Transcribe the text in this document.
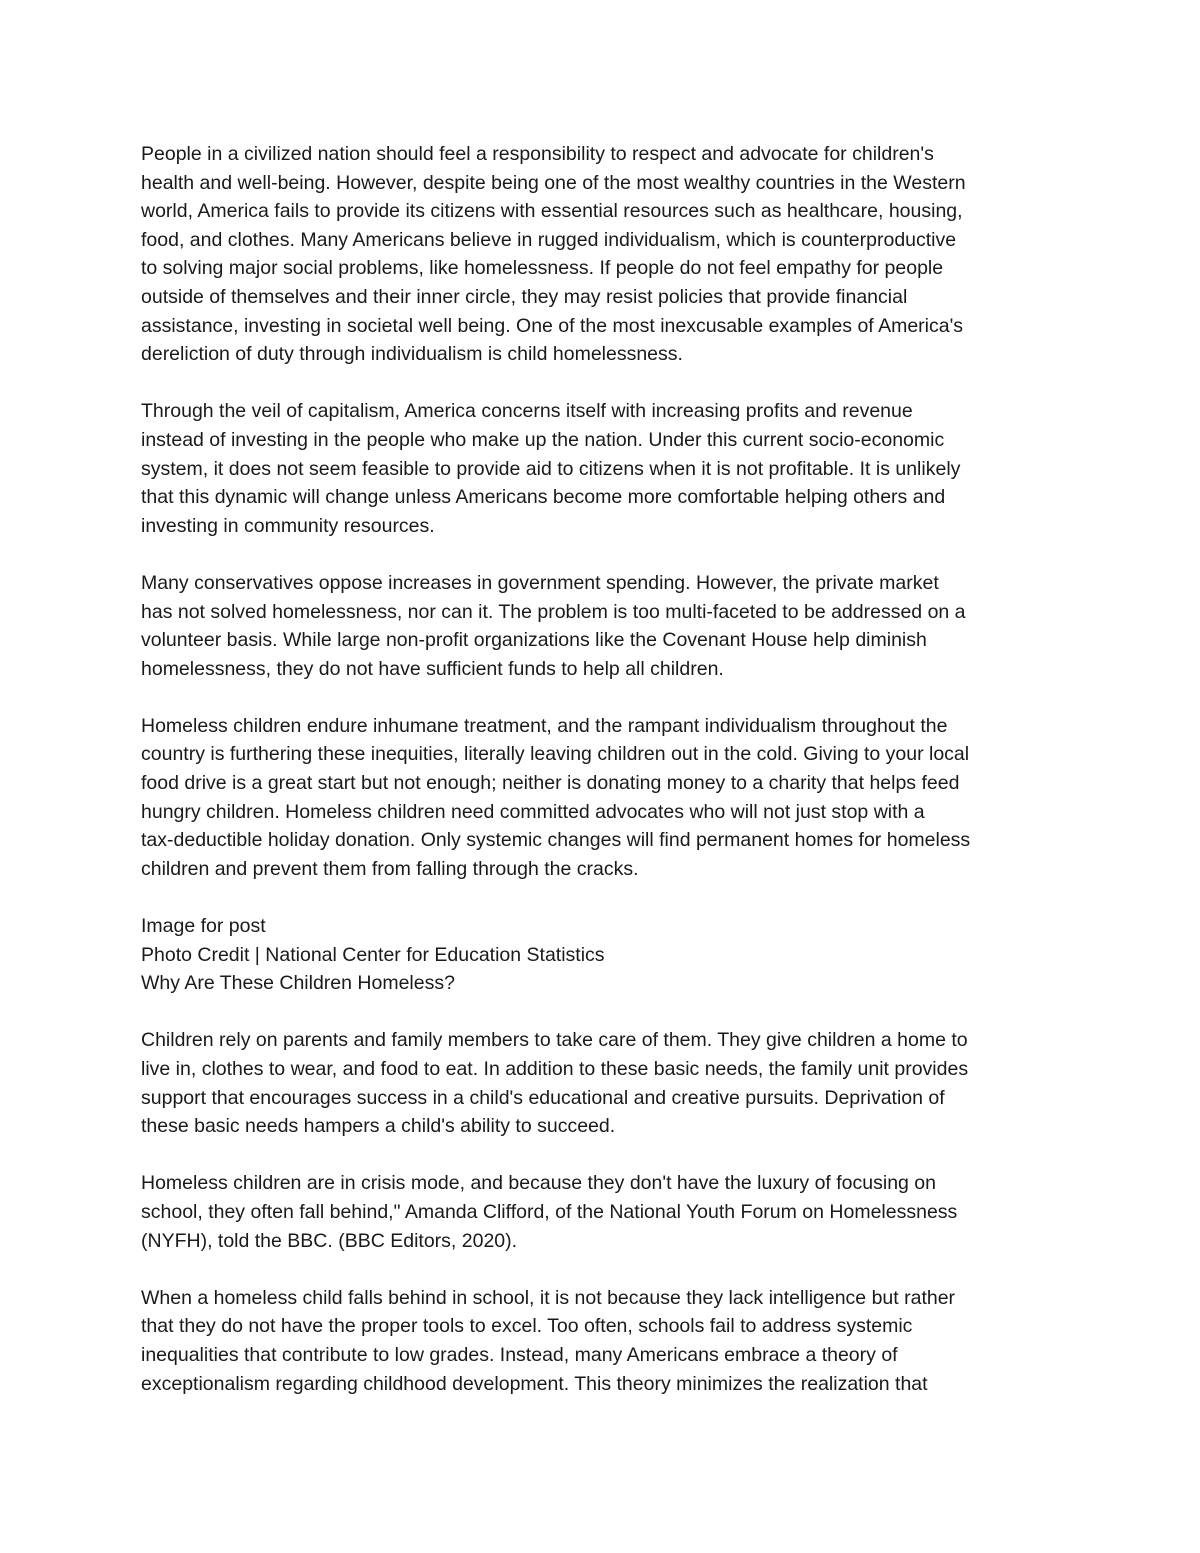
People in a civilized nation should feel a responsibility to respect and advocate for children's
health and well-being. However, despite being one of the most wealthy countries in the Western
world, America fails to provide its citizens with essential resources such as healthcare, housing,
food, and clothes. Many Americans believe in rugged individualism, which is counterproductive
to solving major social problems, like homelessness. If people do not feel empathy for people
outside of themselves and their inner circle, they may resist policies that provide financial
assistance, investing in societal well being. One of the most inexcusable examples of America's
dereliction of duty through individualism is child homelessness.

Through the veil of capitalism, America concerns itself with increasing profits and revenue
instead of investing in the people who make up the nation. Under this current socio-economic
system, it does not seem feasible to provide aid to citizens when it is not profitable. It is unlikely
that this dynamic will change unless Americans become more comfortable helping others and
investing in community resources.

Many conservatives oppose increases in government spending. However, the private market
has not solved homelessness, nor can it. The problem is too multi-faceted to be addressed on a
volunteer basis. While large non-profit organizations like the Covenant House help diminish
homelessness, they do not have sufficient funds to help all children.

Homeless children endure inhumane treatment, and the rampant individualism throughout the
country is furthering these inequities, literally leaving children out in the cold. Giving to your local
food drive is a great start but not enough; neither is donating money to a charity that helps feed
hungry children. Homeless children need committed advocates who will not just stop with a
tax-deductible holiday donation. Only systemic changes will find permanent homes for homeless
children and prevent them from falling through the cracks.

Image for post
Photo Credit | National Center for Education Statistics
Why Are These Children Homeless?

Children rely on parents and family members to take care of them. They give children a home to
live in, clothes to wear, and food to eat. In addition to these basic needs, the family unit provides
support that encourages success in a child's educational and creative pursuits. Deprivation of
these basic needs hampers a child's ability to succeed.

Homeless children are in crisis mode, and because they don't have the luxury of focusing on
school, they often fall behind," Amanda Clifford, of the National Youth Forum on Homelessness
(NYFH), told the BBC. (BBC Editors, 2020).

When a homeless child falls behind in school, it is not because they lack intelligence but rather
that they do not have the proper tools to excel. Too often, schools fail to address systemic
inequalities that contribute to low grades. Instead, many Americans embrace a theory of
exceptionalism regarding childhood development. This theory minimizes the realization that
